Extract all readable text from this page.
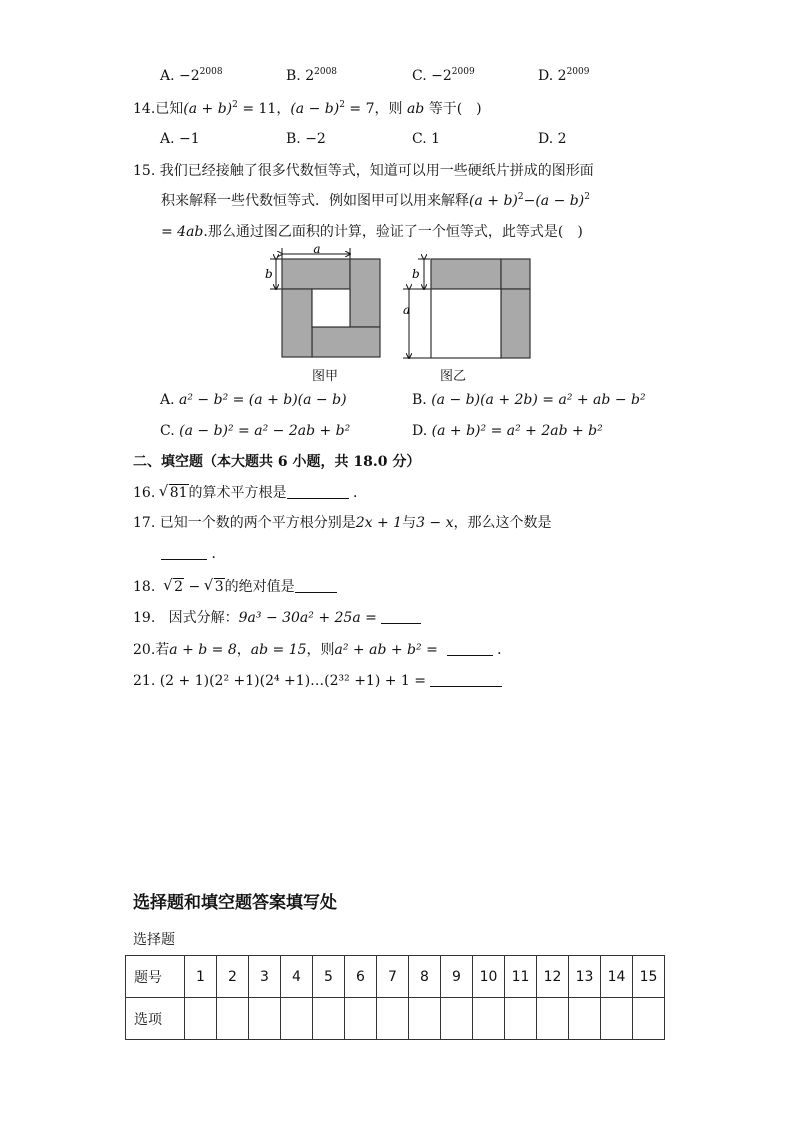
A. $-2^{2008}$	B. $2^{2008}$	C. $-2^{2009}$	D. $2^{2009}$
14.已知$(a + b)^2 = 11$，$(a - b)^2 = 7$，则 ab 等于(　)
A. −1	B. −2	C. 1	D. 2
15. 我们已经接触了很多代数恒等式，知道可以用一些硬纸片拼成的图形面
积来解释一些代数恒等式．例如图甲可以用来解释$(a + b)^2-(a - b)^2$
= 4ab.那么通过图乙面积的计算，验证了一个恒等式，此等式是(　)
a
b
图甲
b
a
图乙
A. a² − b² = (a + b)(a − b)	B. (a − b)(a + 2b) = a² + ab − b²
C. (a − b)² = a² − 2ab + b²	D. (a + b)² = a² + 2ab + b²
二、填空题（本大题共 6 小题，共 18.0 分）
16. √ 81的算术平方根是	．
17. 已知一个数的两个平方根分别是2x + 1与3 − x，那么这个数是
．
18. √ 2 − √ 3的绝对值是
19. 因式分解：9a³ − 30a² + 25a =
20.若a + b = 8，ab = 15，则a² + ab + b² =	．
21. (2 + 1)(2² +1)(2⁴ +1)…(2³² +1) + 1 =
选择题和填空题答案填写处
选择题
题号	1	2	3	4	5	6	7	8	9	10	11	12	13	14	15
选项															
